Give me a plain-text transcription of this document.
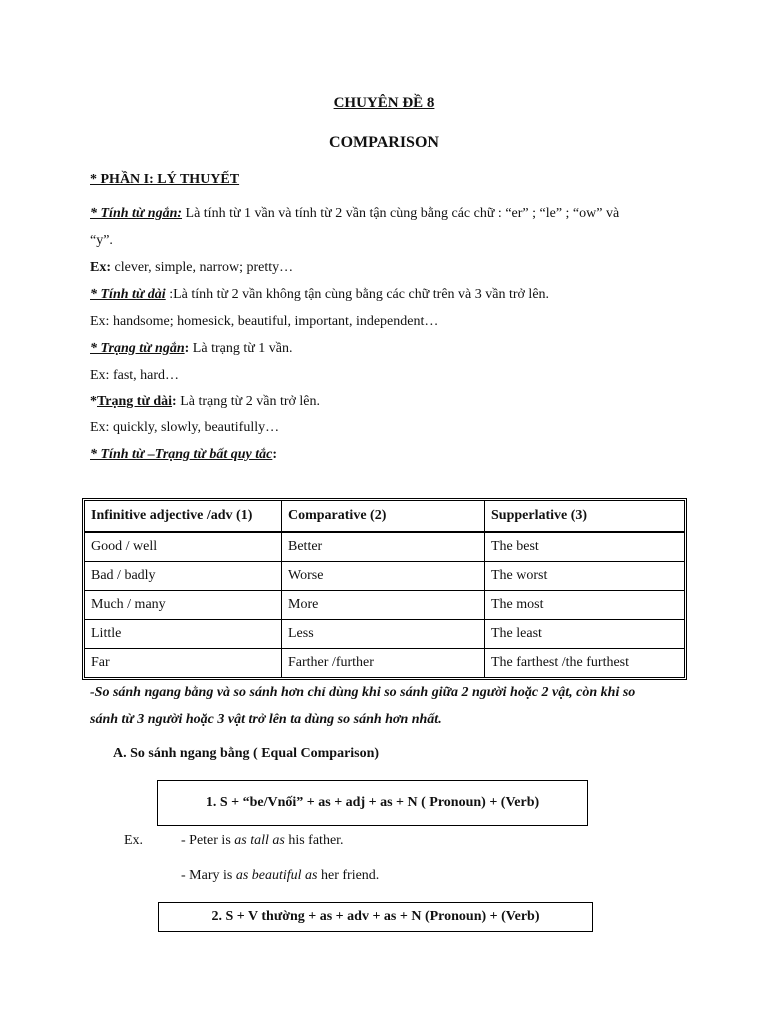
CHUYÊN ĐỀ 8
COMPARISON
* PHẦN I: LÝ THUYẾT
* Tính từ ngắn: Là tính từ 1 vần và tính từ 2 vần tận cùng bằng các chữ : “er” ; “le” ; “ow” và
“y”.
Ex: clever, simple, narrow; pretty…
* Tính từ dài :Là tính từ 2 vần không tận cùng bằng các chữ trên và 3 vần trở lên.
Ex: handsome; homesick, beautiful, important, independent…
* Trạng từ ngắn: Là trạng từ 1 vần.
Ex: fast, hard…
*Trạng từ dài: Là trạng từ 2 vần trở lên.
Ex: quickly, slowly, beautifully…
* Tính từ –Trạng từ bất quy tắc:
Infinitive adjective /adv (1)	Comparative (2)	Supperlative (3)
Good / well	Better	The best
Bad / badly	Worse	The worst
Much / many	More	The most
Little	Less	The least
Far	Farther /further	The farthest /the furthest
-So sánh ngang bằng và so sánh hơn chỉ dùng khi so sánh giữa 2 người hoặc 2 vật, còn khi so
sánh từ 3 người hoặc 3 vật trở lên ta dùng so sánh hơn nhất.
A. So sánh ngang bằng ( Equal Comparison)
1. S + “be/Vnối” + as + adj + as + N ( Pronoun) + (Verb)
Ex.	- Peter is as tall as his father.
- Mary is as beautiful as her friend.
2. S + V thường + as + adv + as + N (Pronoun) + (Verb)
